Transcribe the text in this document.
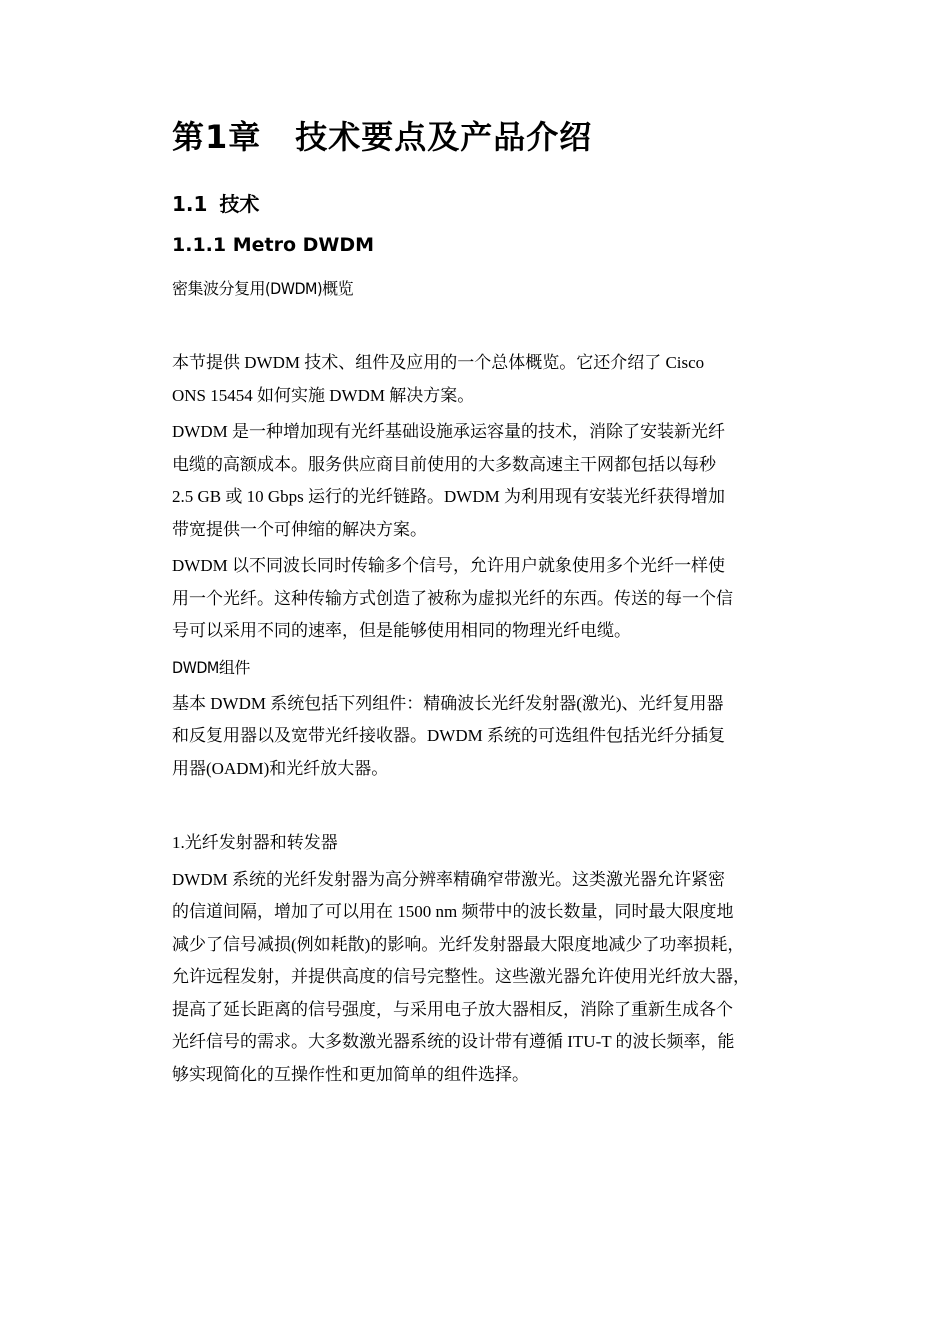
第1章 技术要点及产品介绍
1.1 技术
1.1.1 Metro DWDM

密集波分复用(DWDM)概览

本节提供 DWDM 技术、组件及应用的一个总体概览。它还介绍了 Cisco

ONS 15454 如何实施 DWDM 解决方案。

DWDM 是一种增加现有光纤基础设施承运容量的技术，消除了安装新光纤

电缆的高额成本。服务供应商目前使用的大多数高速主干网都包括以每秒

2.5 GB 或 10 Gbps 运行的光纤链路。DWDM 为利用现有安装光纤获得增加

带宽提供一个可伸缩的解决方案。

DWDM 以不同波长同时传输多个信号，允许用户就象使用多个光纤一样使

用一个光纤。这种传输方式创造了被称为虚拟光纤的东西。传送的每一个信

号可以采用不同的速率，但是能够使用相同的物理光纤电缆。

DWDM组件

基本 DWDM 系统包括下列组件：精确波长光纤发射器(激光)、光纤复用器

和反复用器以及宽带光纤接收器。DWDM 系统的可选组件包括光纤分插复

用器(OADM)和光纤放大器。

1.光纤发射器和转发器

DWDM 系统的光纤发射器为高分辨率精确窄带激光。这类激光器允许紧密

的信道间隔，增加了可以用在 1500 nm 频带中的波长数量，同时最大限度地

减少了信号减损(例如耗散)的影响。光纤发射器最大限度地减少了功率损耗，

允许远程发射，并提供高度的信号完整性。这些激光器允许使用光纤放大器，

提高了延长距离的信号强度，与采用电子放大器相反，消除了重新生成各个

光纤信号的需求。大多数激光器系统的设计带有遵循 ITU-T 的波长频率，能

够实现简化的互操作性和更加简单的组件选择。
